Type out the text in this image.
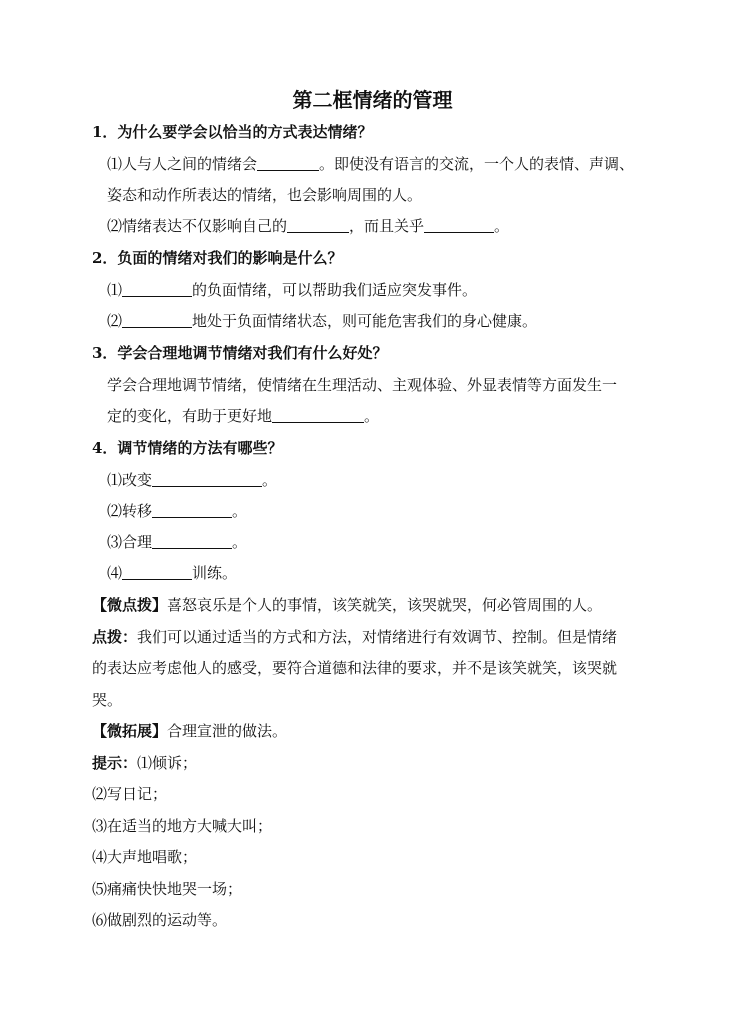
第二框情绪的管理
1．为什么要学会以恰当的方式表达情绪？
⑴人与人之间的情绪会	。即使没有语言的交流，一个人的表情、声调、
姿态和动作所表达的情绪，也会影响周围的人。
⑵情绪表达不仅影响自己的	，而且关乎	。
2．负面的情绪对我们的影响是什么？
⑴	的负面情绪，可以帮助我们适应突发事件。
⑵	地处于负面情绪状态，则可能危害我们的身心健康。
3．学会合理地调节情绪对我们有什么好处？
学会合理地调节情绪，使情绪在生理活动、主观体验、外显表情等方面发生一
定的变化，有助于更好地	。
4．调节情绪的方法有哪些？
⑴改变	。
⑵转移	。
⑶合理	。
⑷	训练。
【微点拨】喜怒哀乐是个人的事情，该笑就笑，该哭就哭，何必管周围的人。
点拨：我们可以通过适当的方式和方法，对情绪进行有效调节、控制。但是情绪
的表达应考虑他人的感受，要符合道德和法律的要求，并不是该笑就笑，该哭就
哭。
【微拓展】合理宣泄的做法。
提示：⑴倾诉；
⑵写日记；
⑶在适当的地方大喊大叫；
⑷大声地唱歌；
⑸痛痛快快地哭一场；
⑹做剧烈的运动等。
